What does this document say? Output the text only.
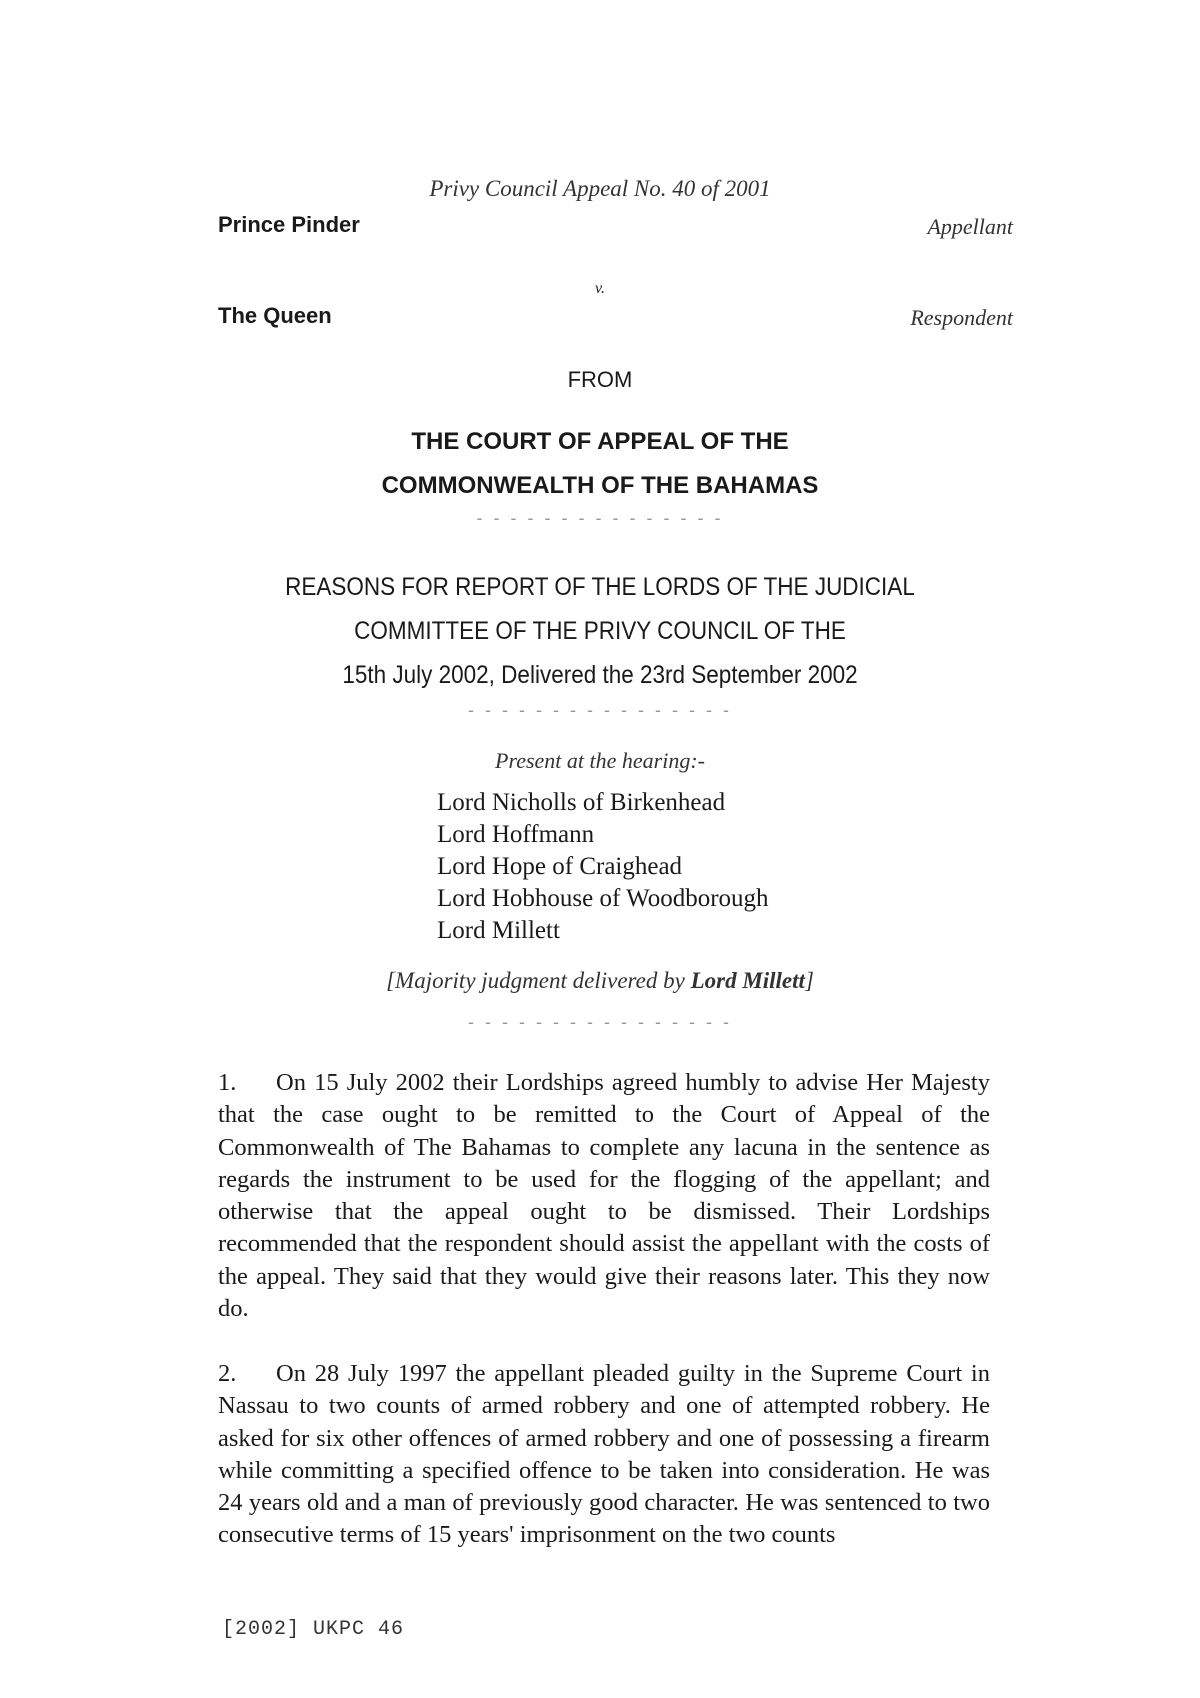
Privy Council Appeal No. 40 of 2001
Prince Pinder	Appellant
v.
The Queen	Respondent
FROM
THE COURT OF APPEAL OF THE
COMMONWEALTH OF THE BAHAMAS
- - - - - - - - - - - - - - -
REASONS FOR REPORT OF THE LORDS OF THE JUDICIAL
COMMITTEE OF THE PRIVY COUNCIL OF THE
15th July 2002, Delivered the 23rd September 2002
- - - - - - - - - - - - - - - -
Present at the hearing:-
Lord Nicholls of Birkenhead
Lord Hoffmann
Lord Hope of Craighead
Lord Hobhouse of Woodborough
Lord Millett
[Majority judgment delivered by Lord Millett]
- - - - - - - - - - - - - - - -

1. On 15 July 2002 their Lordships agreed humbly to advise Her Majesty that the case ought to be remitted to the Court of Appeal of the Commonwealth of The Bahamas to complete any lacuna in the sentence as regards the instrument to be used for the flogging of the appellant; and otherwise that the appeal ought to be dismissed. Their Lordships recommended that the respondent should assist the appellant with the costs of the appeal. They said that they would give their reasons later. This they now do.

2. On 28 July 1997 the appellant pleaded guilty in the Supreme Court in Nassau to two counts of armed robbery and one of attempted robbery. He asked for six other offences of armed robbery and one of possessing a firearm while committing a specified offence to be taken into consideration. He was 24 years old and a man of previously good character. He was sentenced to two consecutive terms of 15 years' imprisonment on the two counts

[2002] UKPC 46
